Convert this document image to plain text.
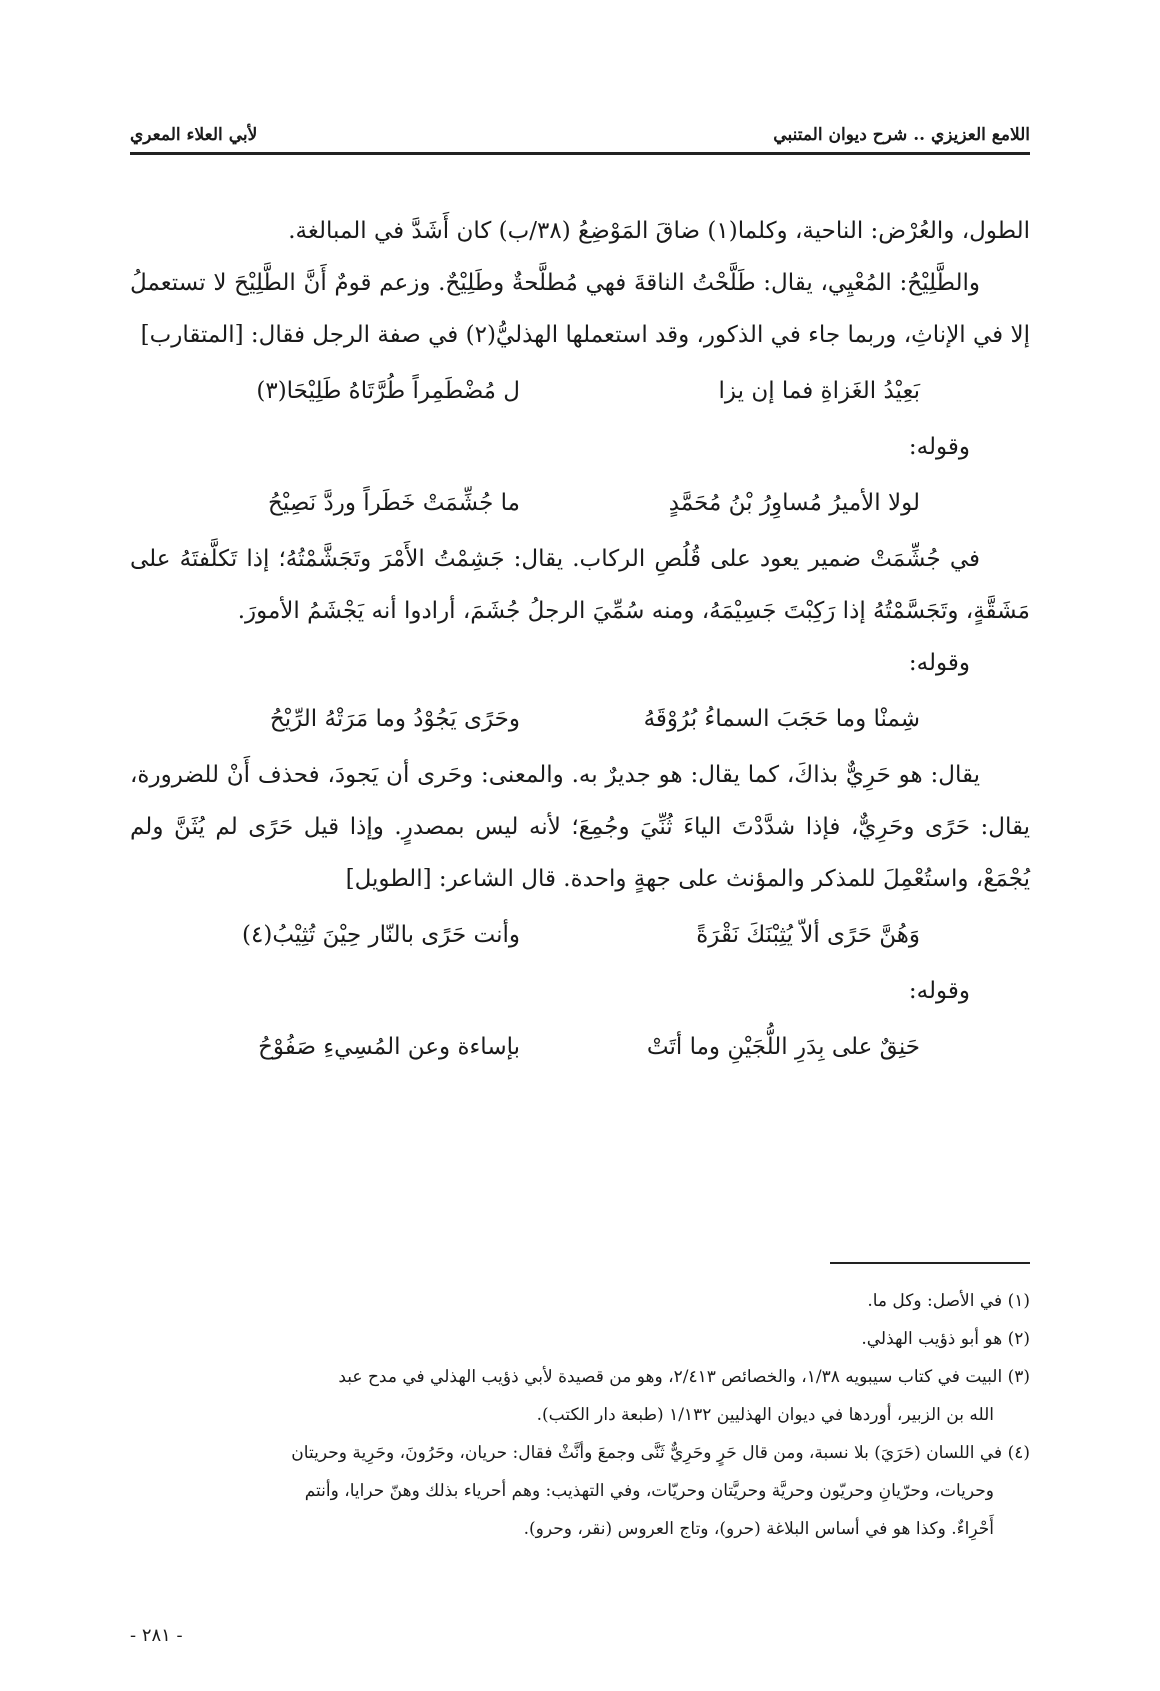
لأبي العلاء المعري	اللامع العزيزي .. شرح ديوان المتنبي

الطول، والعُرْض: الناحية، وكلما(١) ضاقَ المَوْضِعُ (٣٨/ب) كان أَشَدَّ في المبالغة.

والطَّلِيْحُ: المُعْيِي، يقال: طَلَّحْتُ الناقةَ فهي مُطلَّحةٌ وطَلِيْحٌ. وزعم قومٌ أَنَّ الطَّلِيْحَ لا تستعملُ إلا في الإناثِ، وربما جاء في الذكور، وقد استعملها الهذليُّ(٢) في صفة الرجل فقال: [المتقارب]

بَعِيْدُ الغَزاةِ فما إن يزا
ل مُضْطَمِراً طُرَّتَاهُ طَلِيْحَا(٣)

وقوله:

لولا الأميرُ مُساوِرُ بْنُ مُحَمَّدٍ
ما جُشِّمَتْ خَطَراً وردَّ نَصِيْحُ

في جُشِّمَتْ ضمير يعود على قُلُصِ الركاب. يقال: جَشِمْتُ الأَمْرَ وتَجَشَّمْتُهُ؛ إذا تَكلَّفتَهُ على مَشَقَّةٍ، وتَجَسَّمْتُهُ إذا رَكِبْتَ جَسِيْمَهُ، ومنه سُمِّيَ الرجلُ جُشَمَ، أرادوا أنه يَجْشَمُ الأمورَ.

وقوله:

شِمنْا وما حَجَبَ السماءُ بُرُوْقَهُ
وحَرًى يَجُوْدُ وما مَرَتْهُ الرِّيْحُ

يقال: هو حَرِيٌّ بذاكَ، كما يقال: هو جديرٌ به. والمعنى: وحَرى أن يَجودَ، فحذف أَنْ للضرورة، يقال: حَرًى وحَرِيٌّ، فإذا شدَّدْتَ الياءَ ثُنِّيَ وجُمِعَ؛ لأنه ليس بمصدرٍ. وإذا قيل حَرًى لم يُثَنَّ ولم يُجْمَعْ، واستُعْمِلَ للمذكر والمؤنث على جهةٍ واحدة. قال الشاعر: [الطويل]

وَهُنَّ حَرًى ألاّ يُثِبْنَكَ نَقْرَةً
وأنت حَرًى بالنّار حِيْنَ تُثِيْبُ(٤)

وقوله:

حَنِقٌ على بِدَرِ اللُّجَيْنِ وما أتَتْ
بإساءة وعن المُسِيءِ صَفُوْحُ

(١) في الأصل: وكل ما.

(٢) هو أبو ذؤيب الهذلي.

(٣) البيت في كتاب سيبويه ١/٣٨، والخصائص ٢/٤١٣، وهو من قصيدة لأبي ذؤيب الهذلي في مدح عبد

الله بن الزبير، أوردها في ديوان الهذليين ١/١٣٢ (طبعة دار الكتب).

(٤) في اللسان (حَرَيَ) بلا نسبة، ومن قال حَرٍ وحَرِيٌّ ثَنَّى وجمعَ وأنَّثْ فقال: حريان، وحَرُونَ، وحَرِية وحريتان

وحريات، وحرّيانِ وحريّون وحريَّة وحريَّتان وحريّات، وفي التهذيب: وهم أحرياء بذلك وهنّ حرايا، وأنتم

أَحْرِاءٌ. وكذا هو في أساس البلاغة (حرو)، وتاج العروس (نقر، وحرو).

- ٢٨١ -
